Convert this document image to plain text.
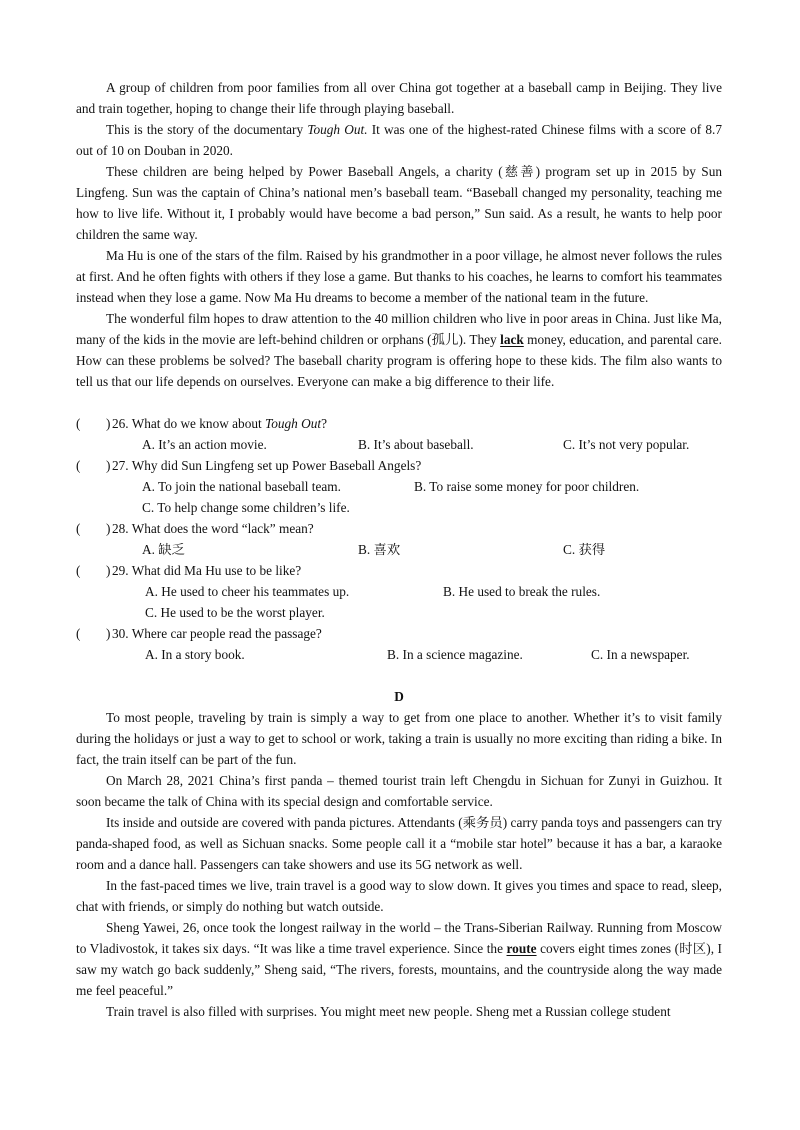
A group of children from poor families from all over China got together at a baseball camp in Beijing. They live and train together, hoping to change their life through playing baseball.

This is the story of the documentary Tough Out. It was one of the highest-rated Chinese films with a score of 8.7 out of 10 on Douban in 2020.

These children are being helped by Power Baseball Angels, a charity (慈善) program set up in 2015 by Sun Lingfeng. Sun was the captain of China’s national men’s baseball team. “Baseball changed my personality, teaching me how to live life. Without it, I probably would have become a bad person,” Sun said. As a result, he wants to help poor children the same way.

Ma Hu is one of the stars of the film. Raised by his grandmother in a poor village, he almost never follows the rules at first. And he often fights with others if they lose a game. But thanks to his coaches, he learns to comfort his teammates instead when they lose a game. Now Ma Hu dreams to become a member of the national team in the future.

The wonderful film hopes to draw attention to the 40 million children who live in poor areas in China. Just like Ma, many of the kids in the movie are left-behind children or orphans (孤儿). They lack money, education, and parental care. How can these problems be solved? The baseball charity program is offering hope to these kids. The film also wants to tell us that our life depends on ourselves. Everyone can make a big difference to their life.

( ) 26. What do we know about Tough Out?
A. It’s an action movie.	B. It’s about baseball.	C. It’s not very popular.
( ) 27. Why did Sun Lingfeng set up Power Baseball Angels?
A. To join the national baseball team.	B. To raise some money for poor children.
C. To help change some children’s life.
( ) 28. What does the word “lack” mean?
A. 缺乏	B. 喜欢	C. 获得
( ) 29. What did Ma Hu use to be like?
A. He used to cheer his teammates up.	B. He used to break the rules.
C. He used to be the worst player.
( ) 30. Where car people read the passage?
A. In a story book.	B. In a science magazine.	C. In a newspaper.
D

To most people, traveling by train is simply a way to get from one place to another. Whether it’s to visit family during the holidays or just a way to get to school or work, taking a train is usually no more exciting than riding a bike. In fact, the train itself can be part of the fun.

On March 28, 2021 China’s first panda – themed tourist train left Chengdu in Sichuan for Zunyi in Guizhou. It soon became the talk of China with its special design and comfortable service.

Its inside and outside are covered with panda pictures. Attendants (乘务员) carry panda toys and passengers can try panda-shaped food, as well as Sichuan snacks. Some people call it a “mobile star hotel” because it has a bar, a karaoke room and a dance hall. Passengers can take showers and use its 5G network as well.

In the fast-paced times we live, train travel is a good way to slow down. It gives you times and space to read, sleep, chat with friends, or simply do nothing but watch outside.

Sheng Yawei, 26, once took the longest railway in the world – the Trans-Siberian Railway. Running from Moscow to Vladivostok, it takes six days. “It was like a time travel experience. Since the route covers eight times zones (时区), I saw my watch go back suddenly,” Sheng said, “The rivers, forests, mountains, and the countryside along the way made me feel peaceful.”

Train travel is also filled with surprises. You might meet new people. Sheng met a Russian college student
